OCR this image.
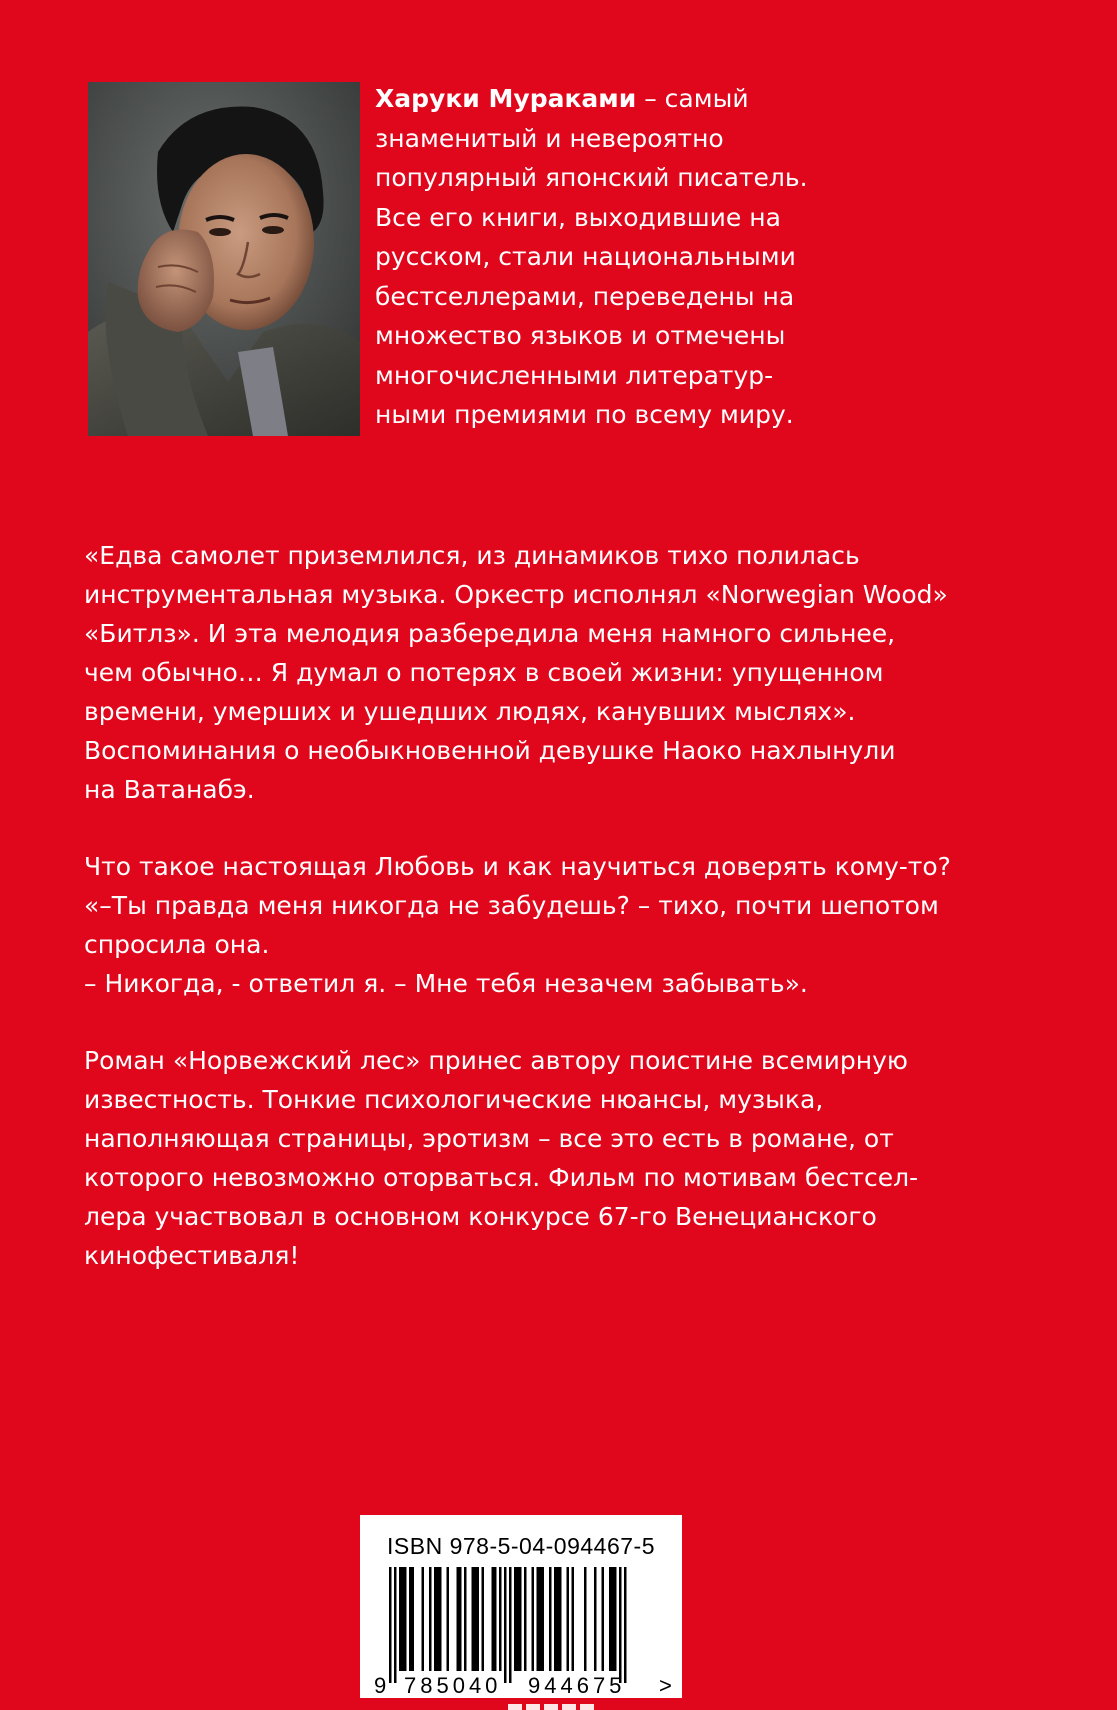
Харуки Мураками – самый
знаменитый и невероятно
популярный японский писатель.
Все его книги, выходившие на
русском, стали национальными
бестселлерами, переведены на
множество языков и отмечены
многочисленными литератур-
ными премиями по всему миру.

«Едва самолет приземлился, из динамиков тихо полилась
инструментальная музыка. Оркестр исполнял «Norwegian Wood»
«Битлз». И эта мелодия разбередила меня намного сильнее,
чем обычно… Я думал о потерях в своей жизни: упущенном
времени, умерших и ушедших людях, канувших мыслях».
Воспоминания о необыкновенной девушке Наоко нахлынули
на Ватанабэ.

Что такое настоящая Любовь и как научиться доверять кому-то?
«–Ты правда меня никогда не забудешь? – тихо, почти шепотом
спросила она.
– Никогда, - ответил я. – Мне тебя незачем забывать».

Роман «Норвежский лес» принес автору поистине всемирную
известность. Тонкие психологические нюансы, музыка,
наполняющая страницы, эротизм – все это есть в романе, от
которого невозможно оторваться. Фильм по мотивам бестсел-
лера участвовал в основном конкурсе 67-го Венецианского
кинофестиваля!

ISBN 978-5-04-094467-5
9 785040 944675 >
